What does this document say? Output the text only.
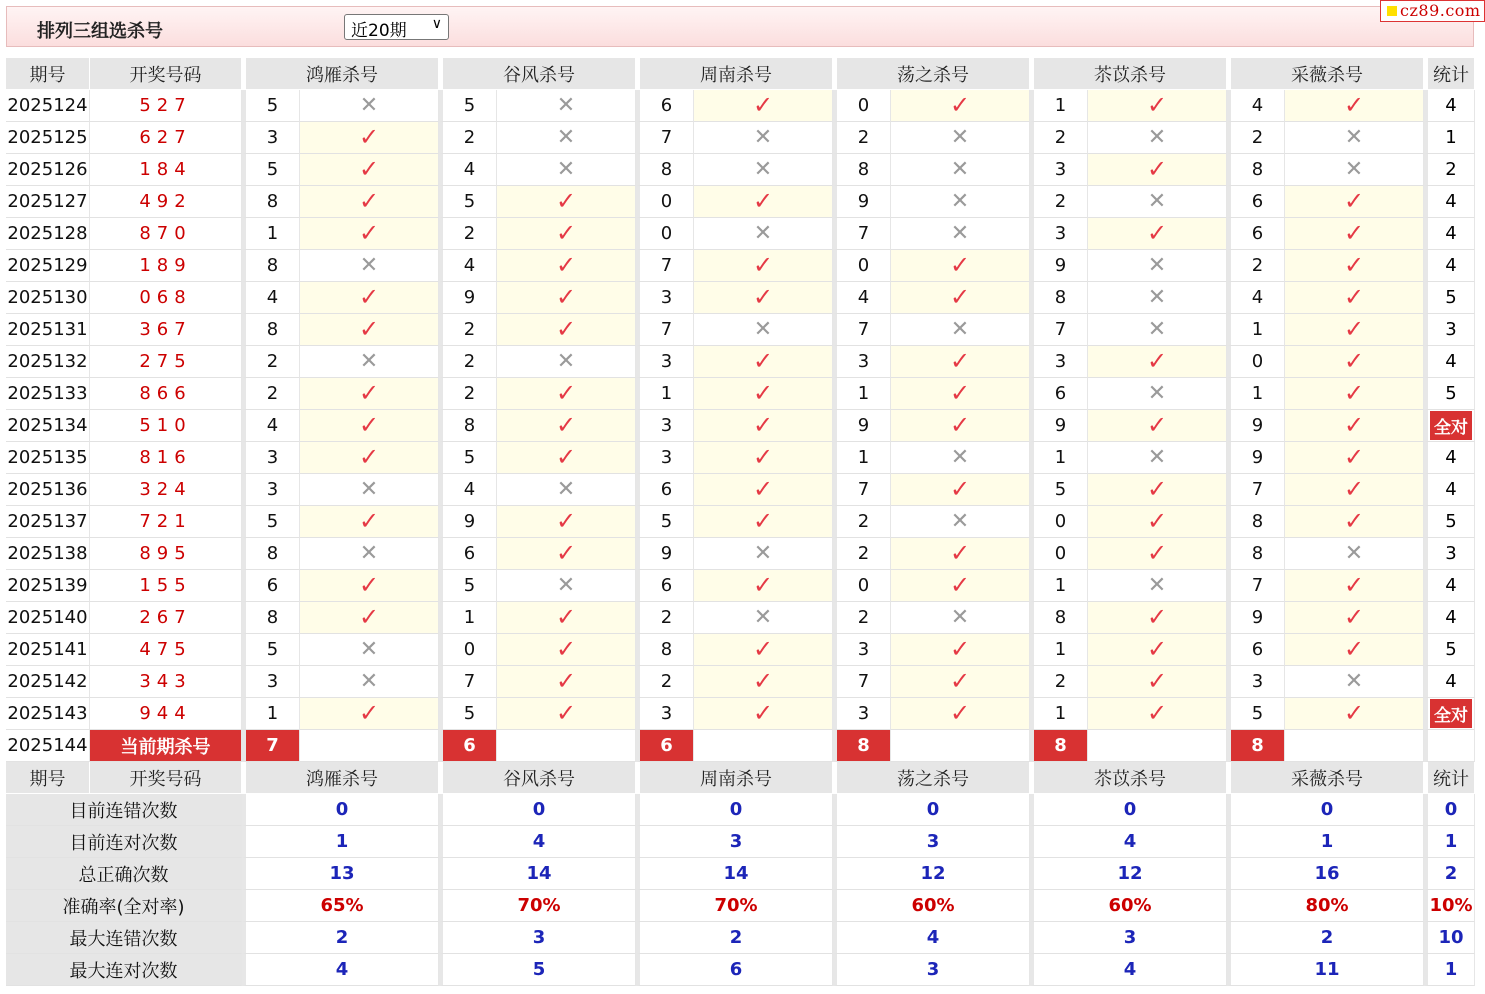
排列三组选杀号	近20期 ∨
cz89.com
期号	开奖号码	鸿雁杀号		谷风杀号		周南杀号		荡之杀号		苶苡杀号		采薇杀号		统计
2025124	527	5	✕	5	✕	6	✓	0	✓	1	✓	4	✓	4
2025125	627	3	✓	2	✕	7	✕	2	✕	2	✕	2	✕	1
2025126	184	5	✓	4	✕	8	✕	8	✕	3	✓	8	✕	2
2025127	492	8	✓	5	✓	0	✓	9	✕	2	✕	6	✓	4
2025128	870	1	✓	2	✓	0	✕	7	✕	3	✓	6	✓	4
2025129	189	8	✕	4	✓	7	✓	0	✓	9	✕	2	✓	4
2025130	068	4	✓	9	✓	3	✓	4	✓	8	✕	4	✓	5
2025131	367	8	✓	2	✓	7	✕	7	✕	7	✕	1	✓	3
2025132	275	2	✕	2	✕	3	✓	3	✓	3	✓	0	✓	4
2025133	866	2	✓	2	✓	1	✓	1	✓	6	✕	1	✓	5
2025134	510	4	✓	8	✓	3	✓	9	✓	9	✓	9	✓	全对
2025135	816	3	✓	5	✓	3	✓	1	✕	1	✕	9	✓	4
2025136	324	3	✕	4	✕	6	✓	7	✓	5	✓	7	✓	4
2025137	721	5	✓	9	✓	5	✓	2	✕	0	✓	8	✓	5
2025138	895	8	✕	6	✓	9	✕	2	✓	0	✓	8	✕	3
2025139	155	6	✓	5	✕	6	✓	0	✓	1	✕	7	✓	4
2025140	267	8	✓	1	✓	2	✕	2	✕	8	✓	9	✓	4
2025141	475	5	✕	0	✓	8	✓	3	✓	1	✓	6	✓	5
2025142	343	3	✕	7	✓	2	✓	7	✓	2	✓	3	✕	4
2025143	944	1	✓	5	✓	3	✓	3	✓	1	✓	5	✓	全对
2025144	当前期杀号	7		6		6		8		8		8		
期号	开奖号码	鸿雁杀号		谷风杀号		周南杀号		荡之杀号		苶苡杀号		采薇杀号		统计
目前连错次数		0		0		0		0		0		0		0
目前连对次数		1		4		3		3		4		1		1
总正确次数		13		14		14		12		12		16		2
准确率(全对率)		65%		70%		70%		60%		60%		80%		10%
最大连错次数		2		3		2		4		3		2		10
最大连对次数		4		5		6		3		4		11		1
